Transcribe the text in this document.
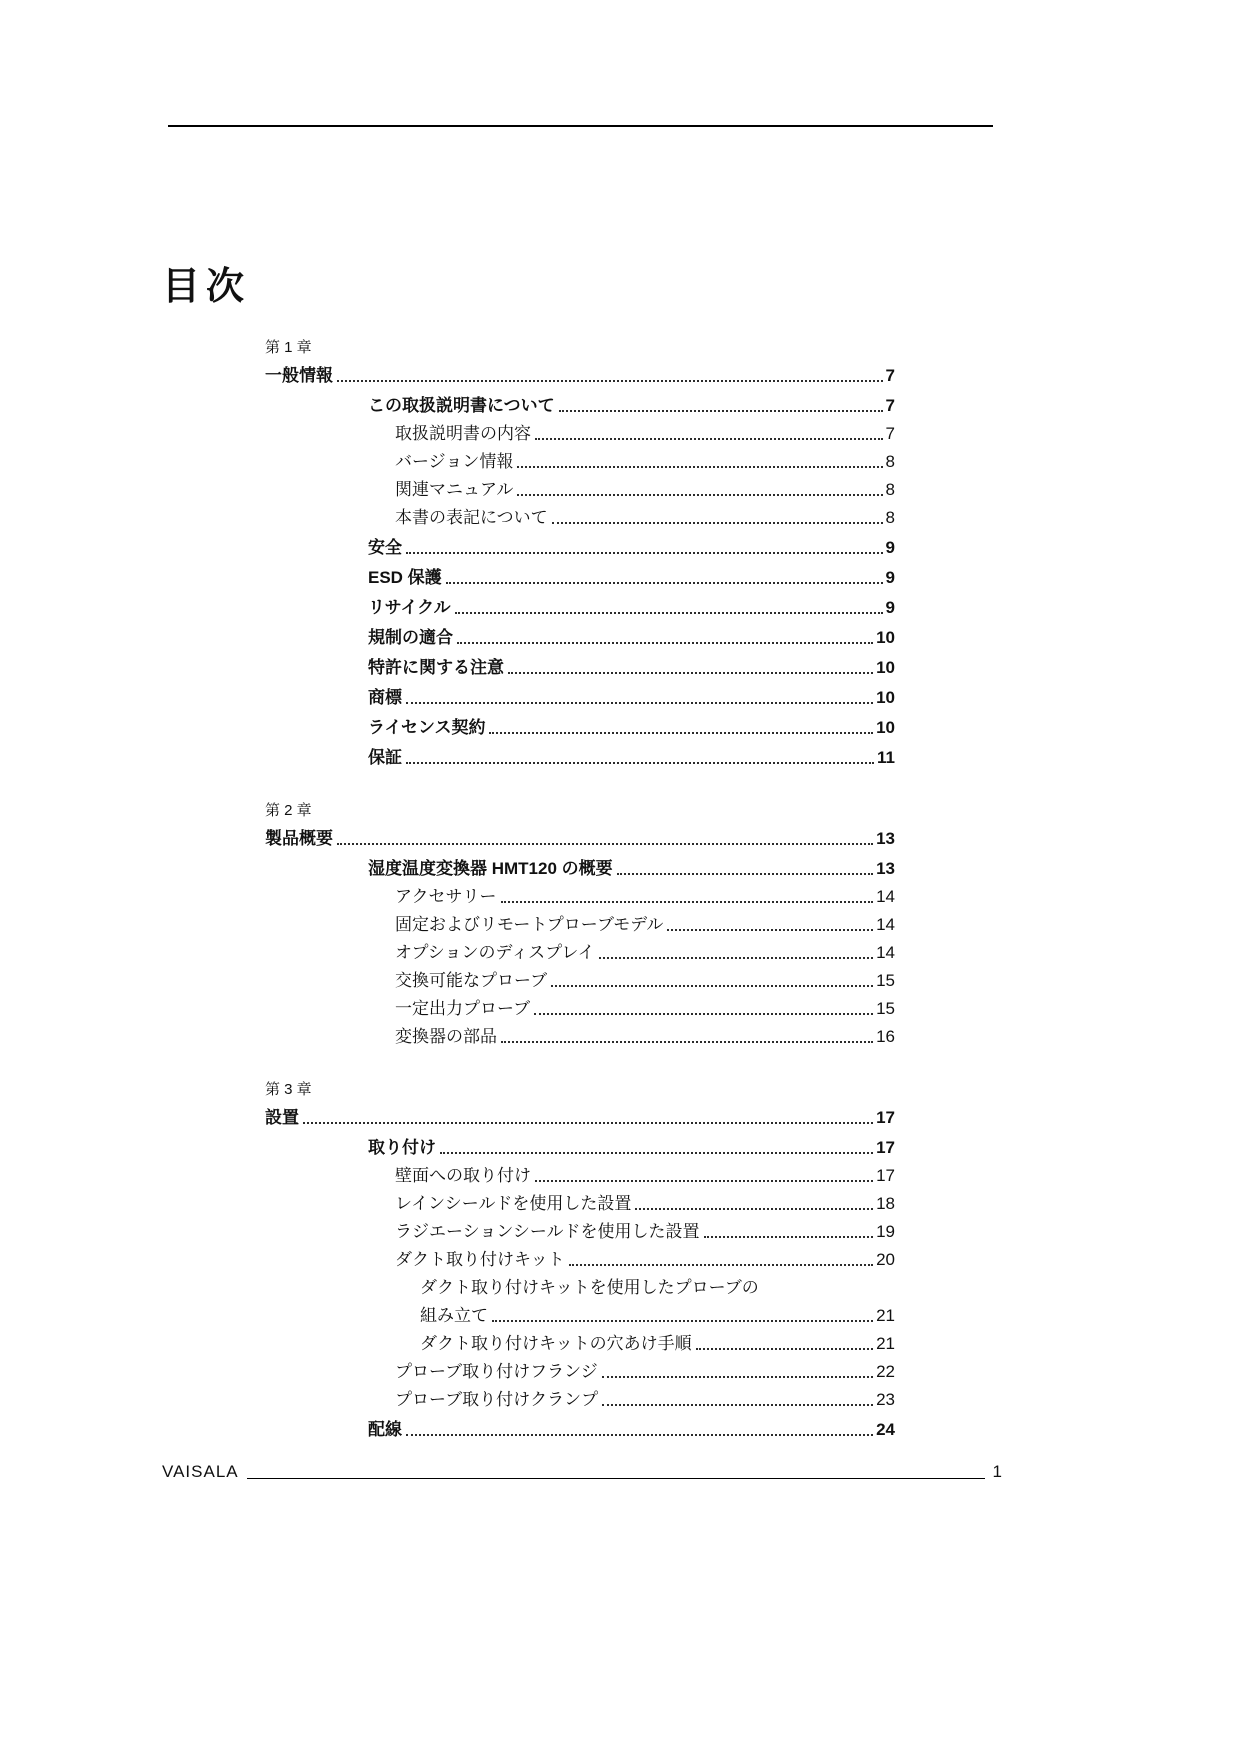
目次
第 1 章
一般情報	7
この取扱説明書について	7
取扱説明書の内容	7
バージョン情報	8
関連マニュアル	8
本書の表記について	8
安全	9
ESD 保護	9
リサイクル	9
規制の適合	10
特許に関する注意	10
商標	10
ライセンス契約	10
保証	11
第 2 章
製品概要	13
湿度温度変換器 HMT120 の概要	13
アクセサリー	14
固定およびリモートプローブモデル	14
オプションのディスプレイ	14
交換可能なプローブ	15
一定出力プローブ	15
変換器の部品	16
第 3 章
設置	17
取り付け	17
壁面への取り付け	17
レインシールドを使用した設置	18
ラジエーションシールドを使用した設置	19
ダクト取り付けキット	20
ダクト取り付けキットを使用したプローブの
組み立て	21
ダクト取り付けキットの穴あけ手順	21
プローブ取り付けフランジ	22
プローブ取り付けクランプ	23
配線	24
VAISALA	1
